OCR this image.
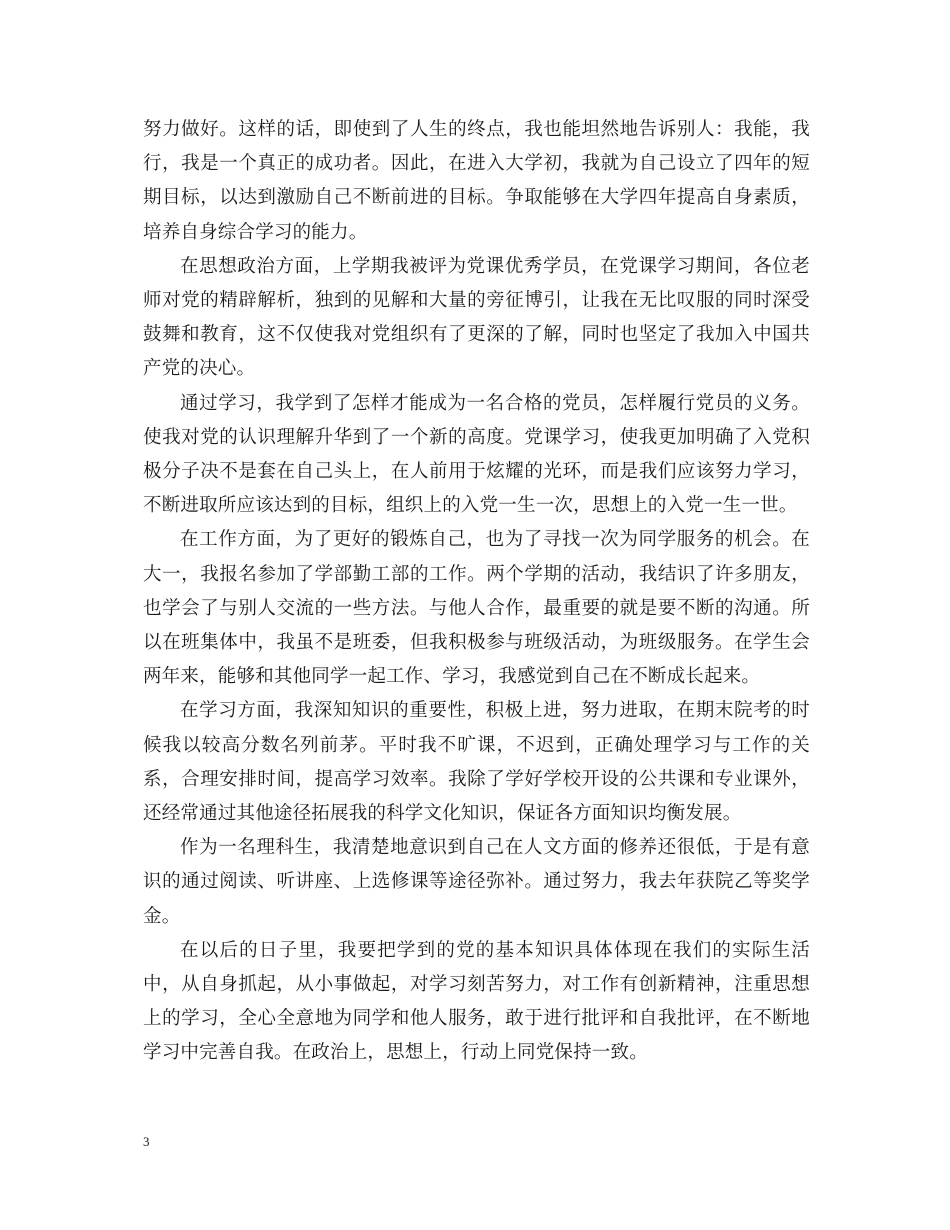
努力做好。这样的话，即使到了人生的终点，我也能坦然地告诉别人：我能，我行，我是一个真正的成功者。因此，在进入大学初，我就为自己设立了四年的短期目标，以达到激励自己不断前进的目标。争取能够在大学四年提高自身素质，培养自身综合学习的能力。

在思想政治方面，上学期我被评为党课优秀学员，在党课学习期间，各位老师对党的精辟解析，独到的见解和大量的旁征博引，让我在无比叹服的同时深受鼓舞和教育，这不仅使我对党组织有了更深的了解，同时也坚定了我加入中国共产党的决心。

通过学习，我学到了怎样才能成为一名合格的党员，怎样履行党员的义务。使我对党的认识理解升华到了一个新的高度。党课学习，使我更加明确了入党积极分子决不是套在自己头上，在人前用于炫耀的光环，而是我们应该努力学习，不断进取所应该达到的目标，组织上的入党一生一次，思想上的入党一生一世。

在工作方面，为了更好的锻炼自己，也为了寻找一次为同学服务的机会。在大一，我报名参加了学部勤工部的工作。两个学期的活动，我结识了许多朋友，也学会了与别人交流的一些方法。与他人合作，最重要的就是要不断的沟通。所以在班集体中，我虽不是班委，但我积极参与班级活动，为班级服务。在学生会两年来，能够和其他同学一起工作、学习，我感觉到自己在不断成长起来。

在学习方面，我深知知识的重要性，积极上进，努力进取，在期末院考的时候我以较高分数名列前茅。平时我不旷课，不迟到，正确处理学习与工作的关系，合理安排时间，提高学习效率。我除了学好学校开设的公共课和专业课外，还经常通过其他途径拓展我的科学文化知识，保证各方面知识均衡发展。

作为一名理科生，我清楚地意识到自己在人文方面的修养还很低，于是有意识的通过阅读、听讲座、上选修课等途径弥补。通过努力，我去年获院乙等奖学金。

在以后的日子里，我要把学到的党的基本知识具体体现在我们的实际生活中，从自身抓起，从小事做起，对学习刻苦努力，对工作有创新精神，注重思想上的学习，全心全意地为同学和他人服务，敢于进行批评和自我批评，在不断地学习中完善自我。在政治上，思想上，行动上同党保持一致。

3
